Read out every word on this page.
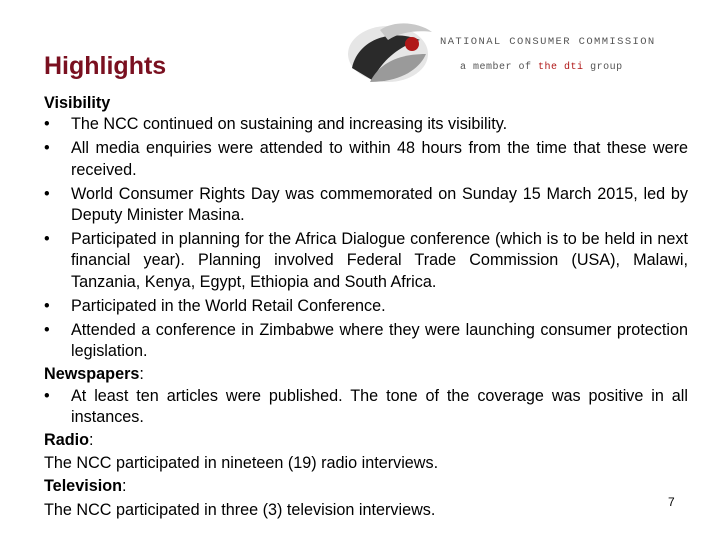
Highlights
NATIONAL CONSUMER COMMISSION
a member of the dti group
Visibility
• The NCC continued on sustaining and increasing its visibility.
• All media enquiries were attended to within 48 hours from the time that these were received.
• World Consumer Rights Day was commemorated on Sunday 15 March 2015, led by Deputy Minister Masina.
• Participated in planning for the Africa Dialogue conference (which is to be held in next financial year). Planning involved Federal Trade Commission (USA), Malawi, Tanzania, Kenya, Egypt, Ethiopia and South Africa.
• Participated in the World Retail Conference.
• Attended a conference in Zimbabwe where they were launching consumer protection legislation.
Newspapers:
• At least ten articles were published. The tone of the coverage was positive in all instances.
Radio:
The NCC participated in nineteen (19) radio interviews.
Television:
The NCC participated in three (3) television interviews.	7
